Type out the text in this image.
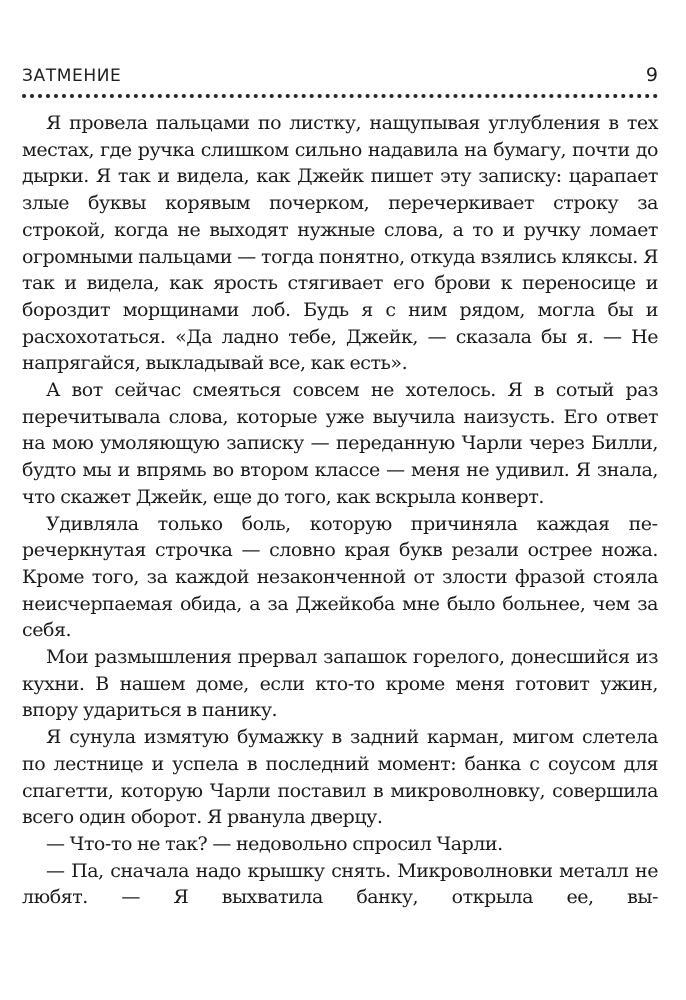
ЗАТМЕНИЕ	9

Я провела пальцами по листку, нащупывая углубления в тех местах, где ручка слишком сильно надавила на бумагу, почти до дырки. Я так и видела, как Джейк пишет эту записку: царапает злые буквы корявым почерком, перечеркивает строку за строкой, когда не выходят нужные слова, а то и ручку ломает огромными пальцами — тогда понятно, откуда взялись кляксы. Я так и видела, как ярость стягивает его брови к переносице и бороздит морщинами лоб. Будь я с ним рядом, могла бы и расхохотаться. «Да ладно тебе, Джейк, — сказала бы я. — Не напрягайся, выкладывай все, как есть».

А вот сейчас смеяться совсем не хотелось. Я в сотый раз перечитывала слова, которые уже выучила наизусть. Его ответ на мою умоляющую записку — переданную Чарли через Билли, будто мы и впрямь во втором классе — меня не удивил. Я знала, что скажет Джейк, еще до того, как вскрыла конверт.

Удивляла только боль, которую причиняла каждая перечеркнутая строчка — словно края букв резали острее ножа. Кроме того, за каждой незаконченной от злости фразой стояла неисчерпаемая обида, а за Джейкоба мне было больнее, чем за себя.

Мои размышления прервал запашок горелого, донесшийся из кухни. В нашем доме, если кто-то кроме меня готовит ужин, впору удариться в панику.

Я сунула измятую бумажку в задний карман, мигом слетела по лестнице и успела в последний момент: банка с соусом для спагетти, которую Чарли поставил в микроволновку, совершила всего один оборот. Я рванула дверцу.

— Что-то не так? — недовольно спросил Чарли.

— Па, сначала надо крышку снять. Микроволновки металл не любят. — Я выхватила банку, открыла ее, вы-
